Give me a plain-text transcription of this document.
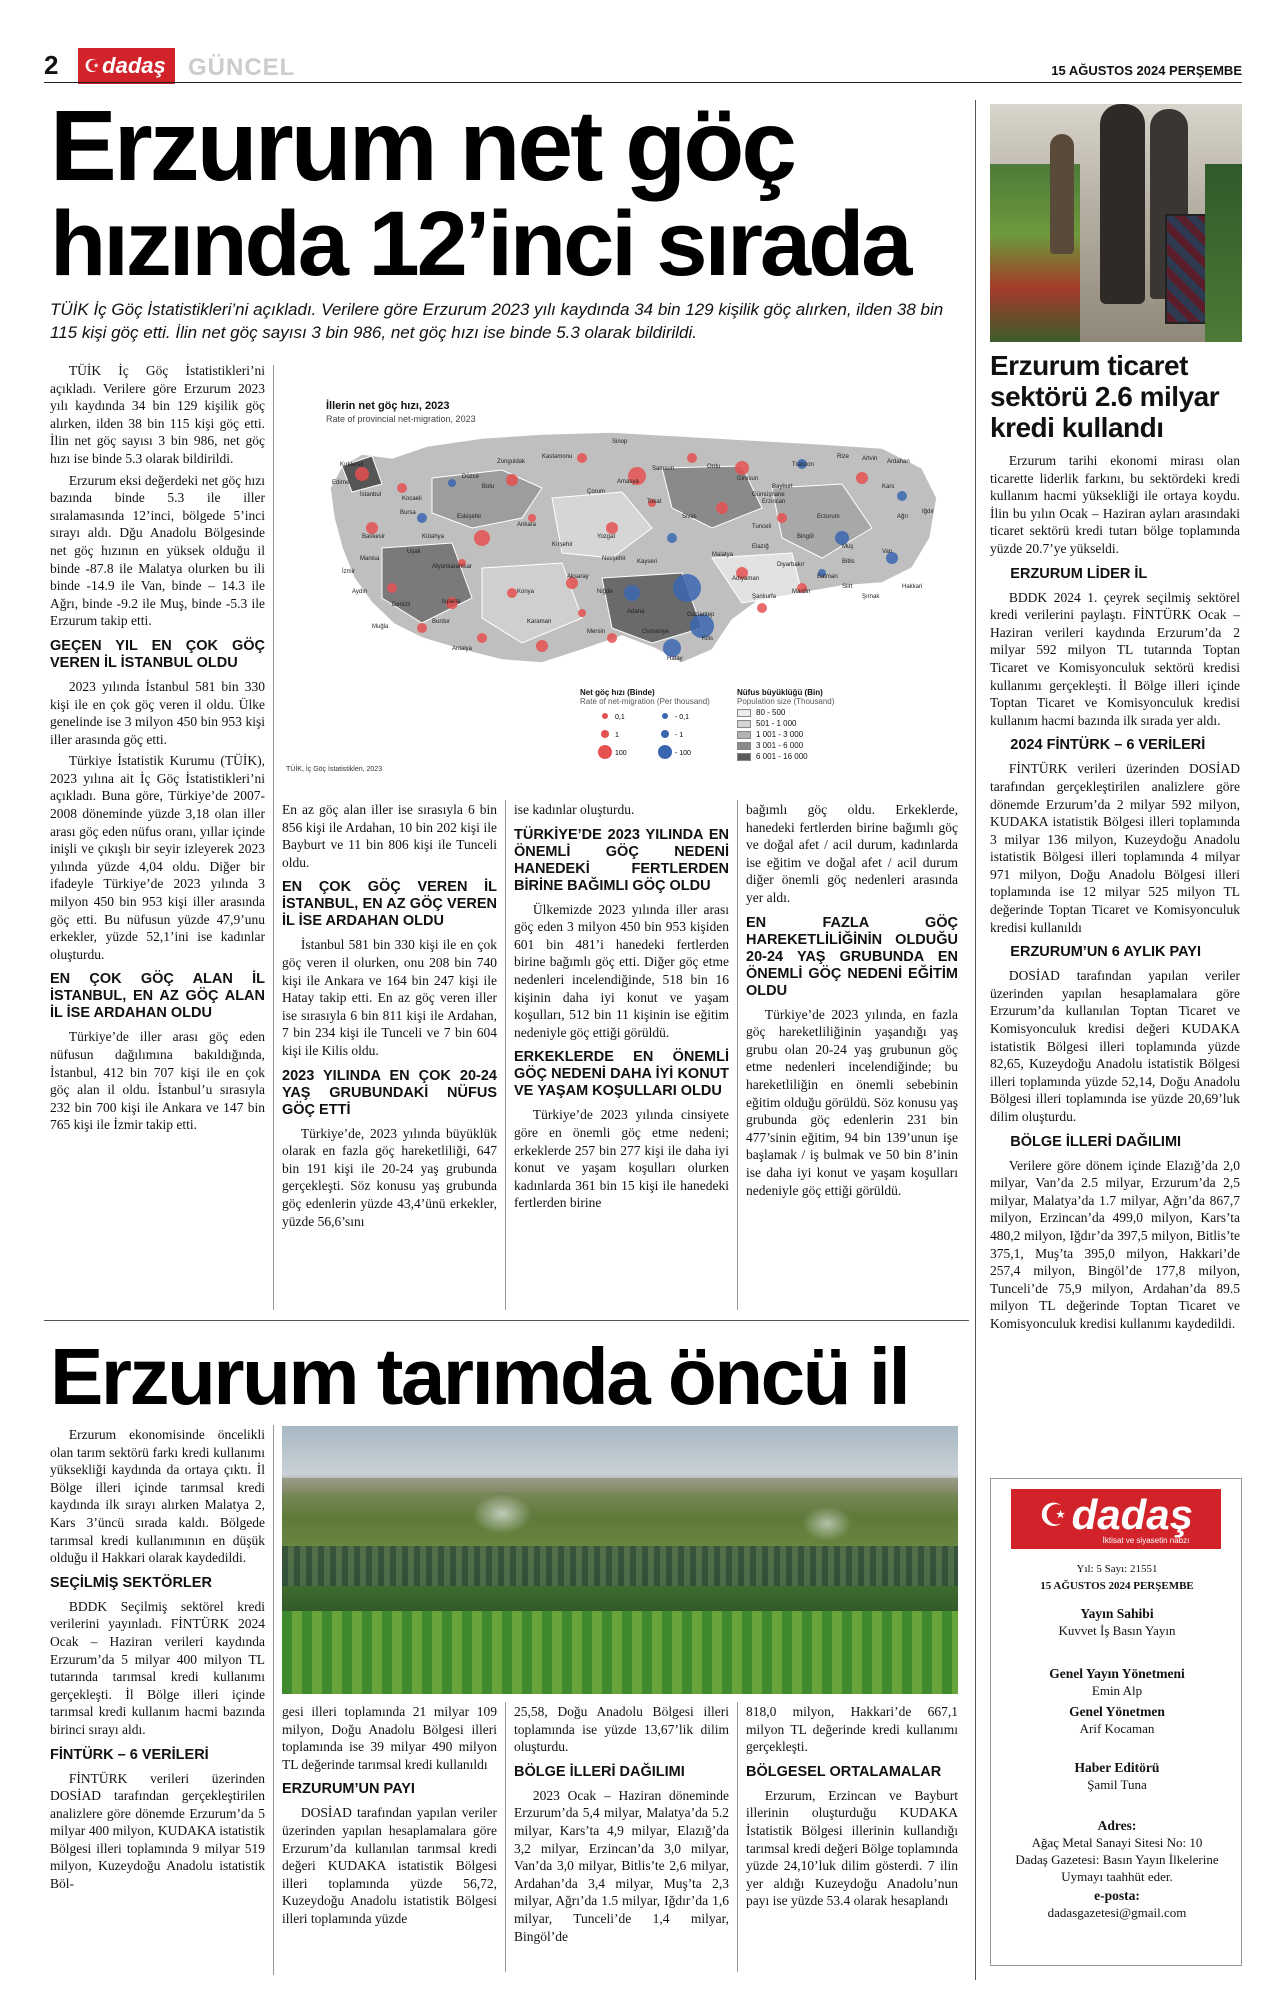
2 ☪ dadaş GÜNCEL	15 AĞUSTOS 2024 PERŞEMBE
Erzurum net göç
hızında 12’inci sırada
TÜİK İç Göç İstatistikleri’ni açıkladı. Verilere göre Erzurum 2023 yılı kaydında 34 bin 129 kişilik göç alırken, ilden 38 bin 115 kişi göç etti. İlin net göç sayısı 3 bin 986, net göç hızı ise binde 5.3 olarak bildirildi.

TÜİK İç Göç İstatistikleri’ni açıkladı. Verilere göre Erzurum 2023 yılı kaydında 34 bin 129 kişilik göç alırken, ilden 38 bin 115 kişi göç etti. İlin net göç sayısı 3 bin 986, net göç hızı ise binde 5.3 olarak bildirildi.

Erzurum eksi değerdeki net göç hızı bazında binde 5.3 ile iller sıralamasında 12’inci, bölgede 5’inci sırayı aldı. Dğu Anadolu Bölgesinde net göç hızının en yüksek olduğu il binde -87.8 ile Malatya olurken bu ili binde -14.9 ile Van, binde – 14.3 ile Ağrı, binde -9.2 ile Muş, binde -5.3 ile Erzurum takip etti.

GEÇEN YIL EN ÇOK GÖÇ VEREN İL İSTANBUL OLDU

2023 yılında İstanbul 581 bin 330 kişi ile en çok göç veren il oldu. Ülke genelinde ise 3 milyon 450 bin 953 kişi iller arasında göç etti.

Türkiye İstatistik Kurumu (TÜİK), 2023 yılına ait İç Göç İstatistikleri’ni açıkladı. Buna göre, Türkiye’de 2007-2008 döneminde yüzde 3,18 olan iller arası göç eden nüfus oranı, yıllar içinde inişli ve çıkışlı bir seyir izleyerek 2023 yılında yüzde 4,04 oldu. Diğer bir ifadeyle Türkiye’de 2023 yılında 3 milyon 450 bin 953 kişi iller arasında göç etti. Bu nüfusun yüzde 47,9’unu erkekler, yüzde 52,1’ini ise kadınlar oluşturdu.

EN ÇOK GÖÇ ALAN İL İSTANBUL, EN AZ GÖÇ ALAN İL İSE ARDAHAN OLDU

Türkiye’de iller arası göç eden nüfusun dağılımına bakıldığında, İstanbul, 412 bin 707 kişi ile en çok göç alan il oldu. İstanbul’u sırasıyla 232 bin 700 kişi ile Ankara ve 147 bin 765 kişi ile İzmir takip etti.

İllerin net göç hızı, 2023
Rate of provincial net-migration, 2023
Kırklareli
Edirne
İstanbul
Kocaeli
Bursa
Balıkesir
Manisa
İzmir
Aydın
Denizli
Muğla
Antalya
Ankara
Konya
Afyonkarahisar
Kayseri
Sivas
Samsun
Trabzon
Erzurum
Van
Diyarbakır
Şanlıurfa
Gaziantep
Adana
Mersin
Hatay
Malatya
Kars
Ağrı
Bitlis
Mardin
Elazığ
Ordu
Giresun
Rize
Tokat
Çorum
Yozgat
Karaman
Isparta
Burdur
Uşak
Kütahya
Eskişehir
Bolu
Düzce
Zonguldak
Kastamonu
Sinop
Amasya
Niğde
Aksaray
Nevşehir
Kırşehir
Osmaniye
Kilis
Adıyaman	Batman
Siirt
Şırnak
Hakkari
Muş
Bingöl
Tunceli
Erzincan
Bayburt
Gümüşhane
Artvin Ardahan
Iğdır
Net göç hızı (Binde)
Rate of net-migration (Per thousand)
0,1	- 0,1
1	- 1
100	- 100
Nüfus büyüklüğü (Bin)
Population size (Thousand)
80 - 500
501 - 1 000
1 001 - 3 000
3 001 - 6 000
6 001 - 16 000
TÜİK, İç Göç İstatistikleri, 2023

En az göç alan iller ise sırasıyla 6 bin 856 kişi ile Ardahan, 10 bin 202 kişi ile Bayburt ve 11 bin 806 kişi ile Tunceli oldu.

EN ÇOK GÖÇ VEREN İL İSTANBUL, EN AZ GÖÇ VEREN İL İSE ARDAHAN OLDU

İstanbul 581 bin 330 kişi ile en çok göç veren il olurken, onu 208 bin 740 kişi ile Ankara ve 164 bin 247 kişi ile Hatay takip etti. En az göç veren iller ise sırasıyla 6 bin 811 kişi ile Ardahan, 7 bin 234 kişi ile Tunceli ve 7 bin 604 kişi ile Kilis oldu.

2023 YILINDA EN ÇOK 20-24 YAŞ GRUBUNDAKİ NÜFUS GÖÇ ETTİ

Türkiye’de, 2023 yılında büyüklük olarak en fazla göç hareketliliği, 647 bin 191 kişi ile 20-24 yaş grubunda gerçekleşti. Söz konusu yaş grubunda göç edenlerin yüzde 43,4’ünü erkekler, yüzde 56,6’sını

ise kadınlar oluşturdu.

TÜRKİYE’DE 2023 YILINDA EN ÖNEMLİ GÖÇ NEDENİ HANEDEKİ FERTLERDEN BİRİNE BAĞIMLI GÖÇ OLDU

Ülkemizde 2023 yılında iller arası göç eden 3 milyon 450 bin 953 kişiden 601 bin 481’i hanedeki fertlerden birine bağımlı göç etti. Diğer göç etme nedenleri incelendiğinde, 518 bin 16 kişinin daha iyi konut ve yaşam koşulları, 512 bin 11 kişinin ise eğitim nedeniyle göç ettiği görüldü.

ERKEKLERDE EN ÖNEMLİ GÖÇ NEDENİ DAHA İYİ KONUT VE YAŞAM KOŞULLARI OLDU

Türkiye’de 2023 yılında cinsiyete göre en önemli göç etme nedeni; erkeklerde 257 bin 277 kişi ile daha iyi konut ve yaşam koşulları olurken kadınlarda 361 bin 15 kişi ile hanedeki fertlerden birine

bağımlı göç oldu. Erkeklerde, hanedeki fertlerden birine bağımlı göç ve doğal afet / acil durum, kadınlarda ise eğitim ve doğal afet / acil durum diğer önemli göç nedenleri arasında yer aldı.

EN FAZLA GÖÇ HAREKETLİLİĞİNİN OLDUĞU 20-24 YAŞ GRUBUNDA EN ÖNEMLİ GÖÇ NEDENİ EĞİTİM OLDU

Türkiye’de 2023 yılında, en fazla göç hareketliliğinin yaşandığı yaş grubu olan 20-24 yaş grubunun göç etme nedenleri incelendiğinde; bu hareketliliğin en önemli sebebinin eğitim olduğu görüldü. Söz konusu yaş grubunda göç edenlerin 231 bin 477’sinin eğitim, 94 bin 139’unun işe başlamak / iş bulmak ve 50 bin 8’inin ise daha iyi konut ve yaşam koşulları nedeniyle göç ettiği görüldü.

Erzurum ticaret sektörü 2.6 milyar kredi kullandı

Erzurum tarihi ekonomi mirası olan ticarette liderlik farkını, bu sektördeki kredi kullanım hacmi yüksekliği ile ortaya koydu. İlin bu yılın Ocak – Haziran ayları arasındaki ticaret sektörü kredi tutarı bölge toplamında yüzde 20.7’ye yükseldi.

ERZURUM LİDER İL

BDDK 2024 1. çeyrek seçilmiş sektörel kredi verilerini paylaştı. FİNTÜRK Ocak – Haziran verileri kaydında Erzurum’da 2 milyar 592 milyon TL tutarında Toptan Ticaret ve Komisyonculuk sektörü kredisi kullanımı gerçekleşti. İl Bölge illeri içinde Toptan Ticaret ve Komisyonculuk kredisi kullanım hacmi bazında ilk sırada yer aldı.

2024 FİNTÜRK – 6 VERİLERİ

FİNTÜRK verileri üzerinden DOSİAD tarafından gerçekleştirilen analizlere göre dönemde Erzurum’da 2 milyar 592 milyon, KUDAKA istatistik Bölgesi illeri toplamında 3 milyar 136 milyon, Kuzeydoğu Anadolu istatistik Bölgesi illeri toplamında 4 milyar 971 milyon, Doğu Anadolu Bölgesi illeri toplamında ise 12 milyar 525 milyon TL değerinde Toptan Ticaret ve Komisyonculuk kredisi kullanıldı

ERZURUM’UN 6 AYLIK PAYI

DOSİAD tarafından yapılan veriler üzerinden yapılan hesaplamalara göre Erzurum’da kullanılan Toptan Ticaret ve Komisyonculuk kredisi değeri KUDAKA istatistik Bölgesi illeri toplamında yüzde 82,65, Kuzeydoğu Anadolu istatistik Bölgesi illeri toplamında yüzde 52,14, Doğu Anadolu Bölgesi illeri toplamında ise yüzde 20,69’luk dilim oluşturdu.

BÖLGE İLLERİ DAĞILIMI

Verilere göre dönem içinde Elazığ’da 2,0 milyar, Van’da 2.5 milyar, Erzurum’da 2,5 milyar, Malatya’da 1.7 milyar, Ağrı’da 867,7 milyon, Erzincan’da 499,0 milyon, Kars’ta 480,2 milyon, Iğdır’da 397,5 milyon, Bitlis’te 375,1, Muş’ta 395,0 milyon, Hakkari’de 257,4 milyon, Bingöl’de 177,8 milyon, Tunceli’de 75,9 milyon, Ardahan’da 89.5 milyon TL değerinde Toptan Ticaret ve Komisyonculuk kredisi kullanımı kaydedildi.

☪ dadaş
İktisat ve siyasetin nabzı
Yıl: 5 Sayı: 21551
15 AĞUSTOS 2024 PERŞEMBE
Yayın Sahibi
Kuvvet İş Basın Yayın
Genel Yayın Yönetmeni
Emin Alp
Genel Yönetmen
Arif Kocaman
Haber Editörü
Şamil Tuna
Adres:
Ağaç Metal Sanayi Sitesi No: 10
Dadaş Gazetesi: Basın Yayın İlkelerine Uymayı taahhüt eder.
e-posta:
dadasgazetesi@gmail.com
Erzurum tarımda öncü il

Erzurum ekonomisinde öncelikli olan tarım sektörü farkı kredi kullanımı yüksekliği kaydında da ortaya çıktı. İl Bölge illeri içinde tarımsal kredi kaydında ilk sırayı alırken Malatya 2, Kars 3’üncü sırada kaldı. Bölgede tarımsal kredi kullanımının en düşük olduğu il Hakkari olarak kaydedildi.

SEÇİLMİŞ SEKTÖRLER

BDDK Seçilmiş sektörel kredi verilerini yayınladı. FİNTÜRK 2024 Ocak – Haziran verileri kaydında Erzurum’da 5 milyar 400 milyon TL tutarında tarımsal kredi kullanımı gerçekleşti. İl Bölge illeri içinde tarımsal kredi kullanım hacmi bazında birinci sırayı aldı.

FİNTÜRK – 6 VERİLERİ

FİNTÜRK verileri üzerinden DOSİAD tarafından gerçekleştirilen analizlere göre dönemde Erzurum’da 5 milyar 400 milyon, KUDAKA istatistik Bölgesi illeri toplamında 9 milyar 519 milyon, Kuzeydoğu Anadolu istatistik Böl-

gesi illeri toplamında 21 milyar 109 milyon, Doğu Anadolu Bölgesi illeri toplamında ise 39 milyar 490 milyon TL değerinde tarımsal kredi kullanıldı

ERZURUM’UN PAYI

DOSİAD tarafından yapılan veriler üzerinden yapılan hesaplamalara göre Erzurum’da kullanılan tarımsal kredi değeri KUDAKA istatistik Bölgesi illeri toplamında yüzde 56,72, Kuzeydoğu Anadolu istatistik Bölgesi illeri toplamında yüzde

25,58, Doğu Anadolu Bölgesi illeri toplamında ise yüzde 13,67’lik dilim oluşturdu.

BÖLGE İLLERİ DAĞILIMI

2023 Ocak – Haziran döneminde Erzurum’da 5,4 milyar, Malatya’da 5.2 milyar, Kars’ta 4,9 milyar, Elazığ’da 3,2 milyar, Erzincan’da 3,0 milyar, Van’da 3,0 milyar, Bitlis’te 2,6 milyar, Ardahan’da 3,4 milyar, Muş’ta 2,3 milyar, Ağrı’da 1.5 milyar, Iğdır’da 1,6 milyar, Tunceli’de 1,4 milyar, Bingöl’de

818,0 milyon, Hakkari’de 667,1 milyon TL değerinde kredi kullanımı gerçekleşti.

BÖLGESEL ORTALAMALAR

Erzurum, Erzincan ve Bayburt illerinin oluşturduğu KUDAKA İstatistik Bölgesi illerinin kullandığı tarımsal kredi değeri Bölge toplamında yüzde 24,10’luk dilim gösterdi. 7 ilin yer aldığı Kuzeydoğu Anadolu’nun payı ise yüzde 53.4 olarak hesaplandı
